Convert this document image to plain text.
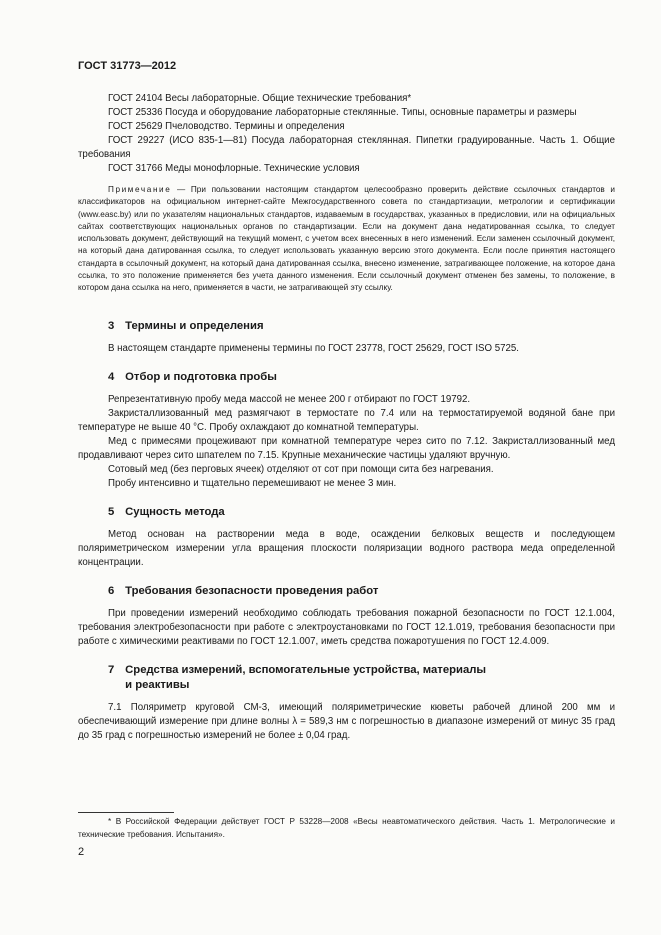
ГОСТ 31773—2012

ГОСТ 24104 Весы лабораторные. Общие технические требования*

ГОСТ 25336 Посуда и оборудование лабораторные стеклянные. Типы, основные параметры и размеры

ГОСТ 25629 Пчеловодство. Термины и определения

ГОСТ 29227 (ИСО 835-1—81) Посуда лабораторная стеклянная. Пипетки градуированные. Часть 1. Общие требования

ГОСТ 31766 Меды монофлорные. Технические условия

Примечание — При пользовании настоящим стандартом целесообразно проверить действие ссылочных стандартов и классификаторов на официальном интернет-сайте Межгосударственного совета по стандартизации, метрологии и сертификации (www.easc.by) или по указателям национальных стандартов, издаваемым в государствах, указанных в предисловии, или на официальных сайтах соответствующих национальных органов по стандартизации. Если на документ дана недатированная ссылка, то следует использовать документ, действующий на текущий момент, с учетом всех внесенных в него изменений. Если заменен ссылочный документ, на который дана датированная ссылка, то следует использовать указанную версию этого документа. Если после принятия настоящего стандарта в ссылочный документ, на который дана датированная ссылка, внесено изменение, затрагивающее положение, на которое дана ссылка, то это положение применяется без учета данного изменения. Если ссылочный документ отменен без замены, то положение, в котором дана ссылка на него, применяется в части, не затрагивающей эту ссылку.
3 Термины и определения

В настоящем стандарте применены термины по ГОСТ 23778, ГОСТ 25629, ГОСТ ISO 5725.

4 Отбор и подготовка пробы

Репрезентативную пробу меда массой не менее 200 г отбирают по ГОСТ 19792.

Закристаллизованный мед размягчают в термостате по 7.4 или на термостатируемой водяной бане при температуре не выше 40 °С. Пробу охлаждают до комнатной температуры.

Мед с примесями процеживают при комнатной температуре через сито по 7.12. Закристаллизованный мед продавливают через сито шпателем по 7.15. Крупные механические частицы удаляют вручную.

Сотовый мед (без перговых ячеек) отделяют от сот при помощи сита без нагревания.

Пробу интенсивно и тщательно перемешивают не менее 3 мин.

5 Сущность метода

Метод основан на растворении меда в воде, осаждении белковых веществ и последующем поляриметрическом измерении угла вращения плоскости поляризации водного раствора меда определенной концентрации.

6 Требования безопасности проведения работ

При проведении измерений необходимо соблюдать требования пожарной безопасности по ГОСТ 12.1.004, требования электробезопасности при работе с электроустановками по ГОСТ 12.1.019, требования безопасности при работе с химическими реактивами по ГОСТ 12.1.007, иметь средства пожаротушения по ГОСТ 12.4.009.

7 Средства измерений, вспомогательные устройства, материалы
и реактивы

7.1 Поляриметр круговой СМ-3, имеющий поляриметрические кюветы рабочей длиной 200 мм и обеспечивающий измерение при длине волны λ = 589,3 нм с погрешностью в диапазоне измерений от минус 35 град до 35 град с погрешностью измерений не более ± 0,04 град.

* В Российской Федерации действует ГОСТ Р 53228—2008 «Весы неавтоматического действия. Часть 1. Метрологические и технические требования. Испытания».
2
